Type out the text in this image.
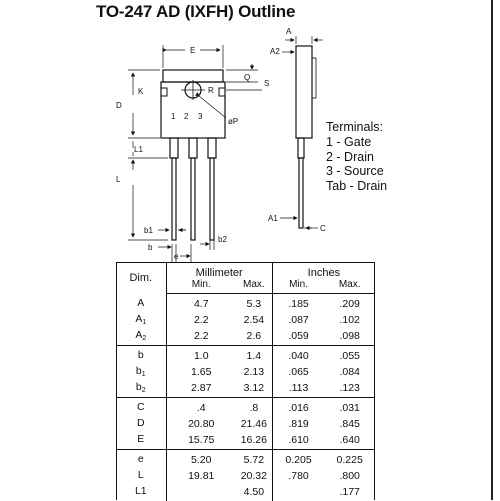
TO-247 AD (IXFH) Outline
E
Q
S
R
D
K
øP
L1
L
b1
b
b2
e
A
A2
A1
C
1 2 3
Terminals:
1 - Gate
2 - Drain
3 - Source
Tab - Drain
Dim.	Millimeter		Inches	
	Min.	Max.	Min.	Max.
A	4.7	5.3	.185	.209
$A_1$	2.2	2.54	.087	.102
$A_2$	2.2	2.6	.059	.098
b	1.0	1.4	.040	.055
$b_1$	1.65	2.13	.065	.084
$b_2$	2.87	3.12	.113	.123
C	.4	.8	.016	.031
D	20.80	21.46	.819	.845
E	15.75	16.26	.610	.640
e	5.20	5.72	0.205	0.225
L	19.81	20.32	.780	.800
L1		4.50		.177
